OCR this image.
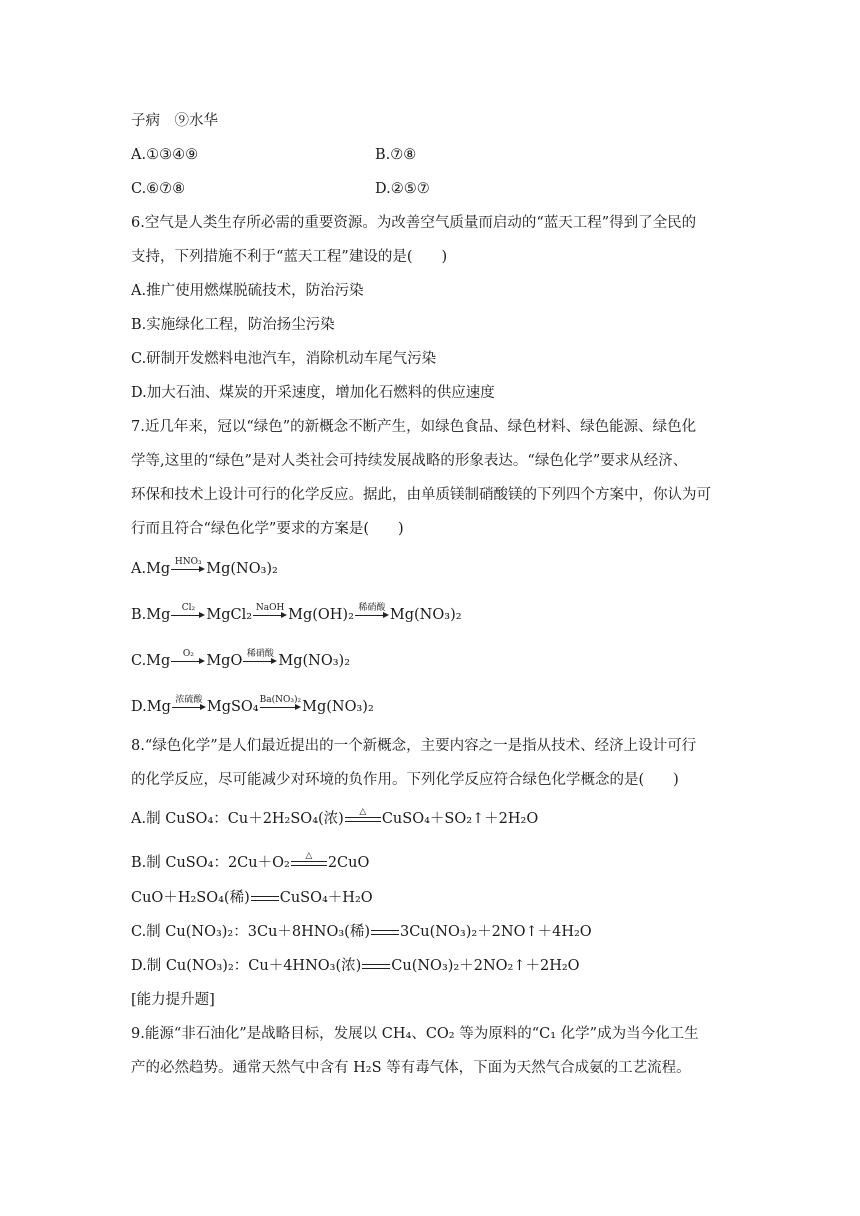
子病　⑨水华
A.①③④⑨	B.⑦⑧
C.⑥⑦⑧	D.②⑤⑦
6.空气是人类生存所必需的重要资源。为改善空气质量而启动的“蓝天工程”得到了全民的
支持，下列措施不利于“蓝天工程”建设的是(　　)
A.推广使用燃煤脱硫技术，防治污染
B.实施绿化工程，防治扬尘污染
C.研制开发燃料电池汽车，消除机动车尾气污染
D.加大石油、煤炭的开采速度，增加化石燃料的供应速度
7.近几年来，冠以“绿色”的新概念不断产生，如绿色食品、绿色材料、绿色能源、绿色化
学等,这里的“绿色”是对人类社会可持续发展战略的形象表达。“绿色化学”要求从经济、
环保和技术上设计可行的化学反应。据此，由单质镁制硝酸镁的下列四个方案中，你认为可
行而且符合“绿色化学”要求的方案是(　　)
A.Mg HNO₃ Mg(NO₃)₂
B.Mg Cl₂ MgCl₂ NaOH Mg(OH)₂ 稀硝酸 Mg(NO₃)₂
C.Mg O₂ MgO 稀硝酸 Mg(NO₃)₂
D.Mg 浓硫酸 MgSO₄ Ba(NO₃)₂ Mg(NO₃)₂
8.“绿色化学”是人们最近提出的一个新概念，主要内容之一是指从技术、经济上设计可行
的化学反应，尽可能减少对环境的负作用。下列化学反应符合绿色化学概念的是(　　)
A.制 CuSO₄：Cu＋2H₂SO₄(浓) △ CuSO₄＋SO₂↑＋2H₂O
B.制 CuSO₄：2Cu＋O₂ △ 2CuO
CuO＋H₂SO₄(稀) CuSO₄＋H₂O
C.制 Cu(NO₃)₂：3Cu＋8HNO₃(稀) 3Cu(NO₃)₂＋2NO↑＋4H₂O
D.制 Cu(NO₃)₂：Cu＋4HNO₃(浓) Cu(NO₃)₂＋2NO₂↑＋2H₂O
[能力提升题]
9.能源“非石油化”是战略目标，发展以 CH₄、CO₂ 等为原料的“C₁ 化学”成为当今化工生
产的必然趋势。通常天然气中含有 H₂S 等有毒气体，下面为天然气合成氨的工艺流程。
